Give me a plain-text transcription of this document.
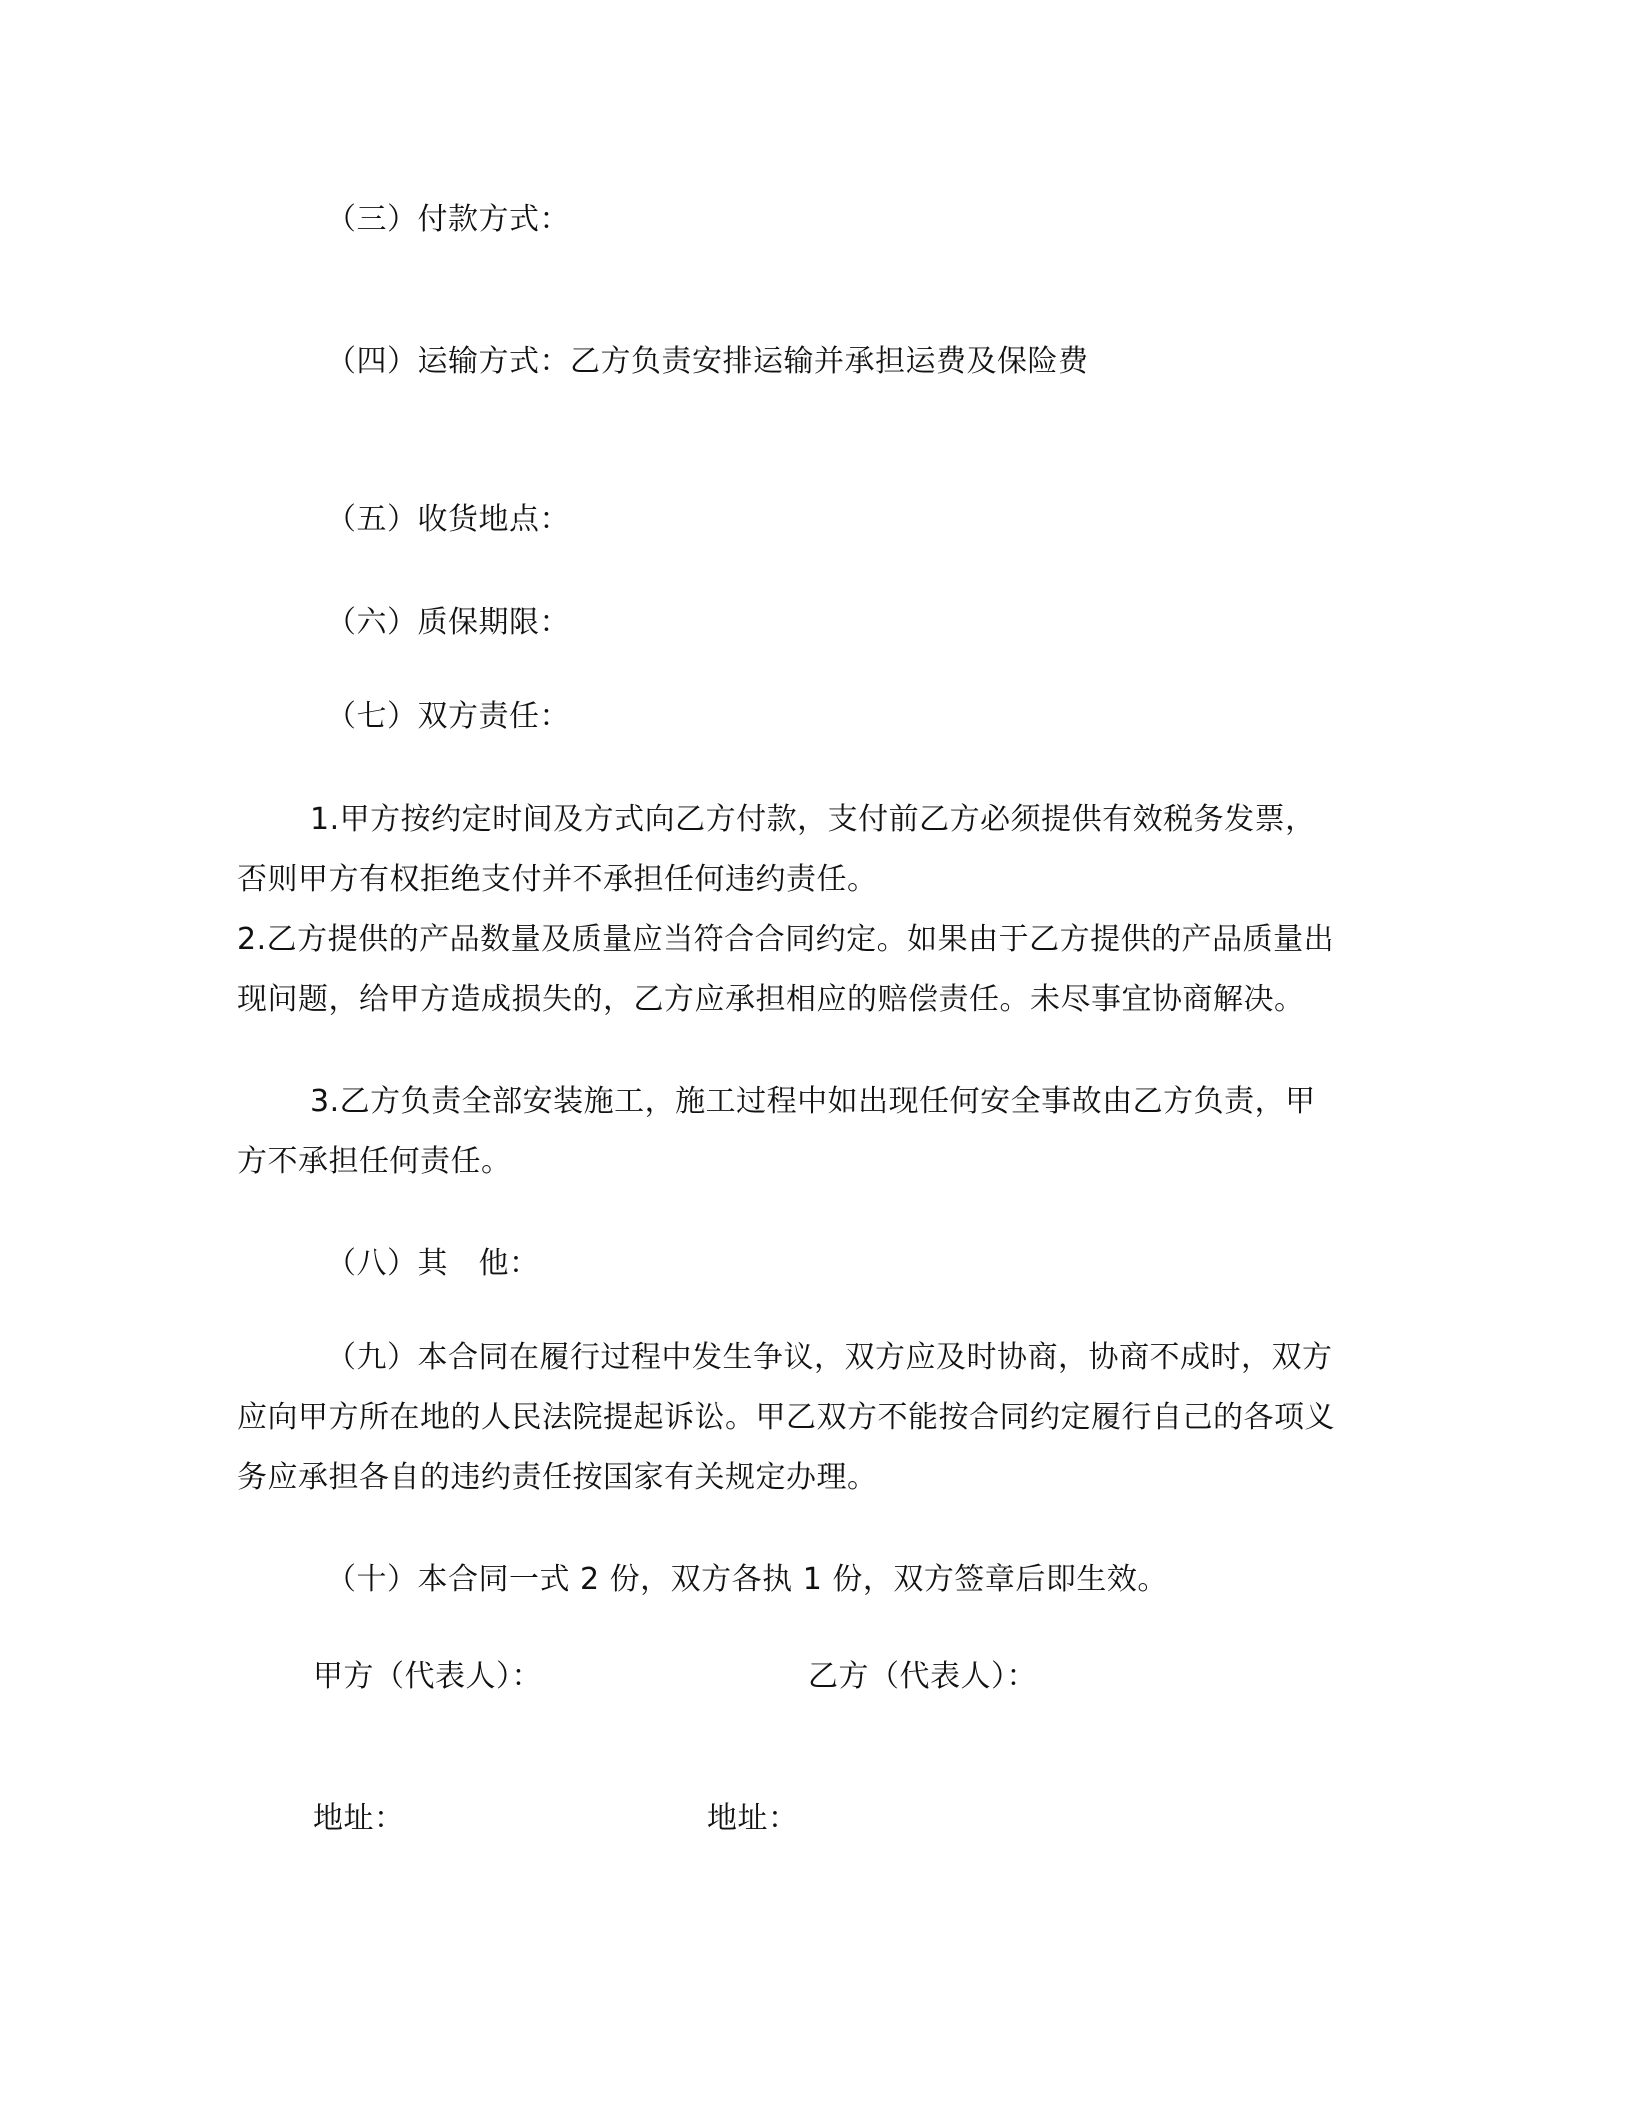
（三）付款方式：
（四）运输方式：乙方负责安排运输并承担运费及保险费
（五）收货地点：
（六）质保期限：
（七）双方责任：
1.甲方按约定时间及方式向乙方付款，支付前乙方必须提供有效税务发票，
否则甲方有权拒绝支付并不承担任何违约责任。
2.乙方提供的产品数量及质量应当符合合同约定。如果由于乙方提供的产品质量出
现问题，给甲方造成损失的，乙方应承担相应的赔偿责任。未尽事宜协商解决。
3.乙方负责全部安装施工，施工过程中如出现任何安全事故由乙方负责，甲
方不承担任何责任。
（八）其　他：
（九）本合同在履行过程中发生争议，双方应及时协商，协商不成时，双方
应向甲方所在地的人民法院提起诉讼。甲乙双方不能按合同约定履行自己的各项义
务应承担各自的违约责任按国家有关规定办理。
（十）本合同一式 2 份，双方各执 1 份，双方签章后即生效。
甲方（代表人）：	乙方（代表人）：
地址：	地址：
